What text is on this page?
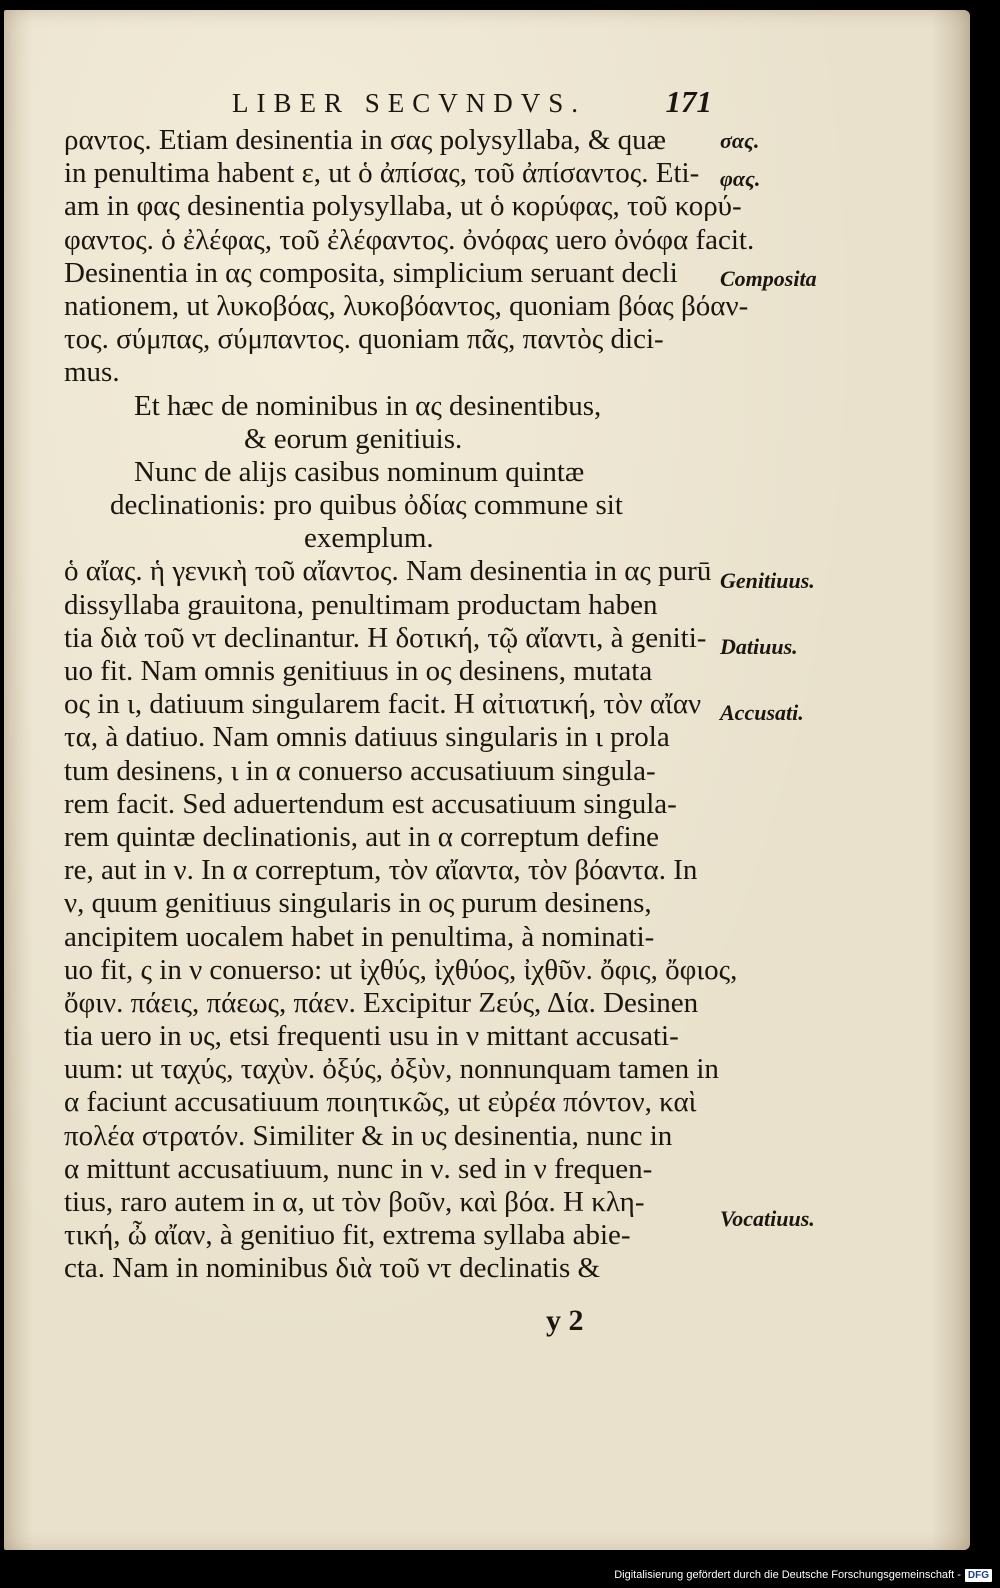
LIBER SECVNDVS.	171
ραντος. Etiam desinentia in σας polysyllaba, & quæ
in penultima habent ε, ut ὁ ἀπίσας, τοῦ ἀπίσαντος. Eti-
am in φας desinentia polysyllaba, ut ὁ κορύφας, τοῦ κορύ-
φαντος. ὁ ἐλέφας, τοῦ ἐλέφαντος. ὀνόφας uero ὀνόφα facit.
Desinentia in ας composita, simplicium seruant decli
nationem, ut λυκοβόας, λυκοβόαντος, quoniam βόας βόαν-
τος. σύμπας, σύμπαντος. quoniam πᾶς, παντὸς dici-
mus.
Et hæc de nominibus in ας desinentibus,
& eorum genitiuis.
Nunc de alijs casibus nominum quintæ
declinationis: pro quibus ὀδίας commune sit
exemplum.
ὁ αἴας. ἡ γενικὴ τοῦ αἴαντος. Nam desinentia in ας purū
dissyllaba grauitona, penultimam productam haben
tia διὰ τοῦ ντ declinantur. Η δοτική, τῷ αἴαντι, à geniti-
uo fit. Nam omnis genitiuus in ος desinens, mutata
ος in ι, datiuum singularem facit. Η αἰτιατική, τὸν αἴαν
τα, à datiuo. Nam omnis datiuus singularis in ι prola
tum desinens, ι in α conuerso accusatiuum singula-
rem facit. Sed aduertendum est accusatiuum singula-
rem quintæ declinationis, aut in α correptum define
re, aut in ν. In α correptum, τὸν αἴαντα, τὸν βόαντα. In
ν, quum genitiuus singularis in ος purum desinens,
ancipitem uocalem habet in penultima, à nominati-
uo fit, ς in ν conuerso: ut ἰχθύς, ἰχθύος, ἰχθῦν. ὄφις, ὄφιος,
ὄφιν. πάεις, πάεως, πάεν. Excipitur Ζεύς, Δία. Desinen
tia uero in υς, etsi frequenti usu in ν mittant accusati-
uum: ut ταχύς, ταχὺν. ὀξύς, ὀξὺν, nonnunquam tamen in
α faciunt accusatiuum ποιητικῶς, ut εὐρέα πόντον, καὶ
πολέα στρατόν. Similiter & in υς desinentia, nunc in
α mittunt accusatiuum, nunc in ν. sed in ν frequen-
tius, raro autem in α, ut τὸν βοῦν, καὶ βόα. Η κλη-
τική, ὦ αἴαν, à genitiuo fit, extrema syllaba abie-
cta. Nam in nominibus διὰ τοῦ ντ declinatis &
σας.
φας.
Composita
Genitiuus.
Datiuus.
Accusati.
Vocatiuus.
y 2
Digitalisierung gefördert durch die Deutsche Forschungsgemeinschaft - DFG
